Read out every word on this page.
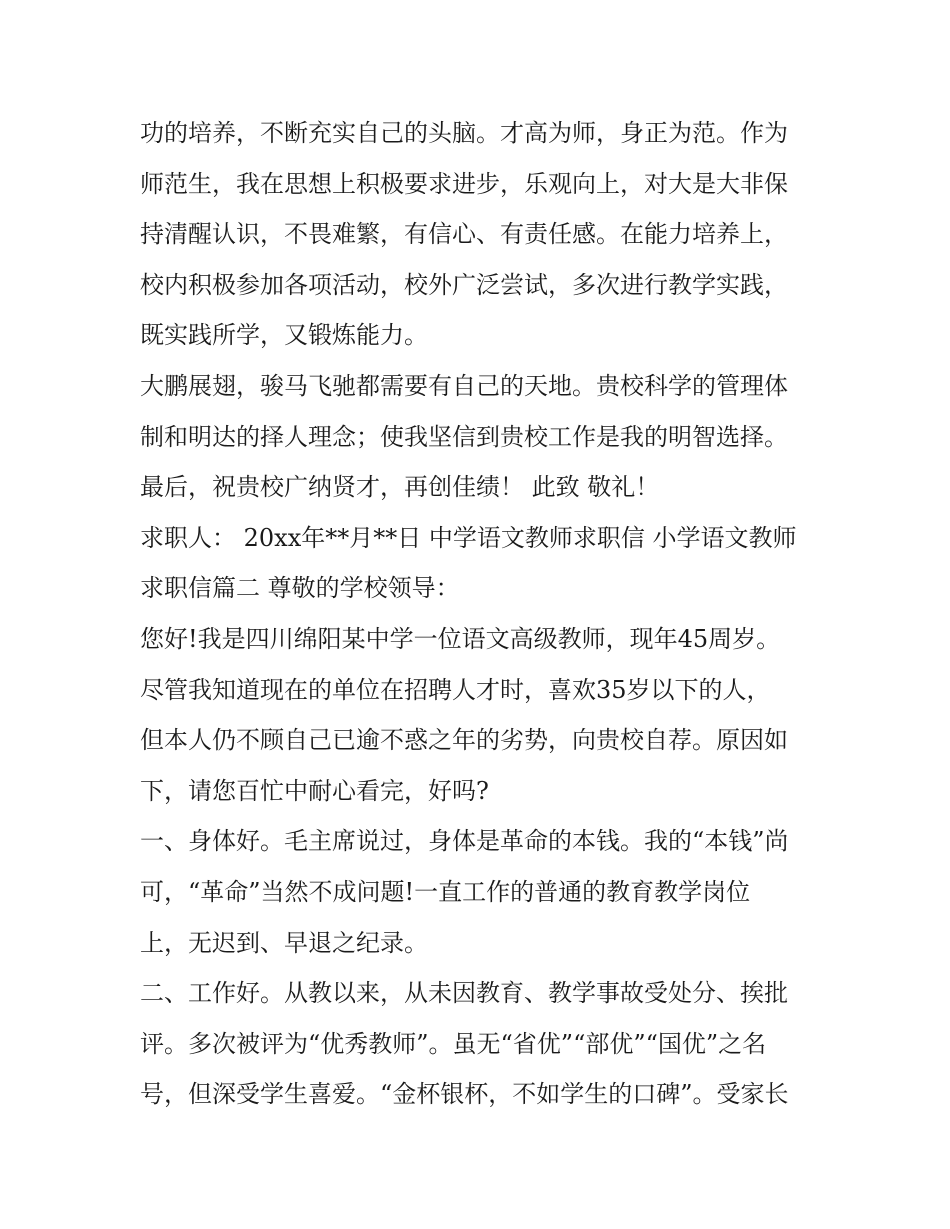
功的培养，不断充实自己的头脑。才高为师，身正为范。作为
师范生，我在思想上积极要求进步，乐观向上，对大是大非保
持清醒认识，不畏难繁，有信心、有责任感。在能力培养上，
校内积极参加各项活动，校外广泛尝试，多次进行教学实践，
既实践所学，又锻炼能力。
大鹏展翅，骏马飞驰都需要有自己的天地。贵校科学的管理体
制和明达的择人理念；使我坚信到贵校工作是我的明智选择。
最后，祝贵校广纳贤才，再创佳绩！ 此致 敬礼！
求职人： 20xx年**月**日 中学语文教师求职信 小学语文教师
求职信篇二 尊敬的学校领导：
您好!我是四川绵阳某中学一位语文高级教师，现年45周岁。
尽管我知道现在的单位在招聘人才时，喜欢35岁以下的人，
但本人仍不顾自己已逾不惑之年的劣势，向贵校自荐。原因如
下，请您百忙中耐心看完，好吗?
一、身体好。毛主席说过，身体是革命的本钱。我的“本钱”尚
可，“革命”当然不成问题!一直工作的普通的教育教学岗位
上，无迟到、早退之纪录。
二、工作好。从教以来，从未因教育、教学事故受处分、挨批
评。多次被评为“优秀教师”。虽无“省优”“部优”“国优”之名
号，但深受学生喜爱。“金杯银杯，不如学生的口碑”。受家长
